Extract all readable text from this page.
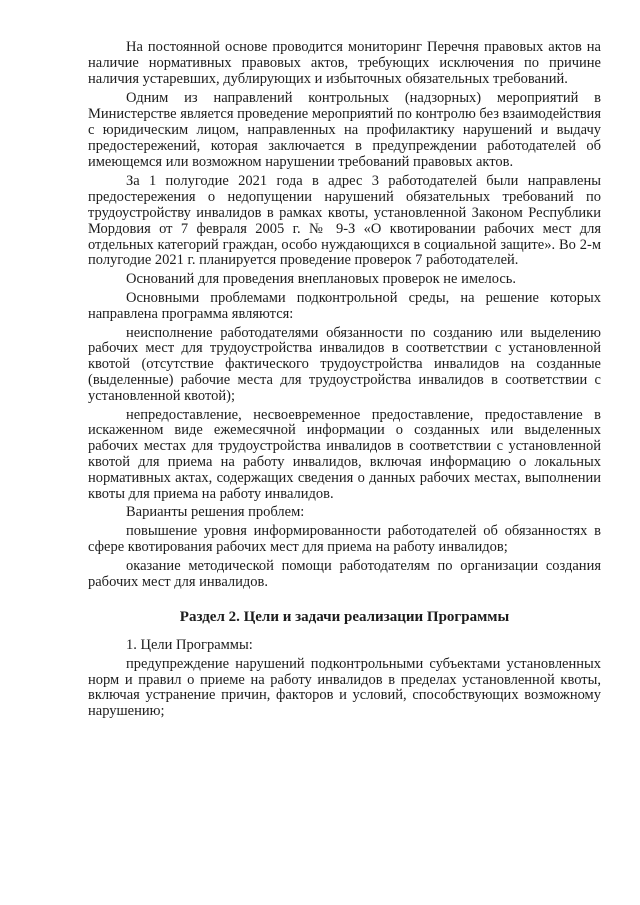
На постоянной основе проводится мониторинг Перечня правовых актов на наличие нормативных правовых актов, требующих исключения по причине наличия устаревших, дублирующих и избыточных обязательных требований.

Одним из направлений контрольных (надзорных) мероприятий в Министерстве является проведение мероприятий по контролю без взаимодействия с юридическим лицом, направленных на профилактику нарушений и выдачу предостережений, которая заключается в предупреждении работодателей об имеющемся или возможном нарушении требований правовых актов.

За 1 полугодие 2021 года в адрес 3 работодателей были направлены предостережения о недопущении нарушений обязательных требований по трудоустройству инвалидов в рамках квоты, установленной Законом Республики Мордовия от 7 февраля 2005 г. № 9-З «О квотировании рабочих мест для отдельных категорий граждан, особо нуждающихся в социальной защите». Во 2-м полугодие 2021 г. планируется проведение проверок 7 работодателей.

Оснований для проведения внеплановых проверок не имелось.

Основными проблемами подконтрольной среды, на решение которых направлена программа являются:

неисполнение работодателями обязанности по созданию или выделению рабочих мест для трудоустройства инвалидов в соответствии с установленной квотой (отсутствие фактического трудоустройства инвалидов на созданные (выделенные) рабочие места для трудоустройства инвалидов в соответствии с установленной квотой);

непредоставление, несвоевременное предоставление, предоставление в искаженном виде ежемесячной информации о созданных или выделенных рабочих местах для трудоустройства инвалидов в соответствии с установленной квотой для приема на работу инвалидов, включая информацию о локальных нормативных актах, содержащих сведения о данных рабочих местах, выполнении квоты для приема на работу инвалидов.

Варианты решения проблем:

повышение уровня информированности работодателей об обязанностях в сфере квотирования рабочих мест для приема на работу инвалидов;

оказание методической помощи работодателям по организации создания рабочих мест для инвалидов.

Раздел 2. Цели и задачи реализации Программы

1. Цели Программы:

предупреждение нарушений подконтрольными субъектами установленных норм и правил о приеме на работу инвалидов в пределах установленной квоты, включая устранение причин, факторов и условий, способствующих возможному нарушению;
